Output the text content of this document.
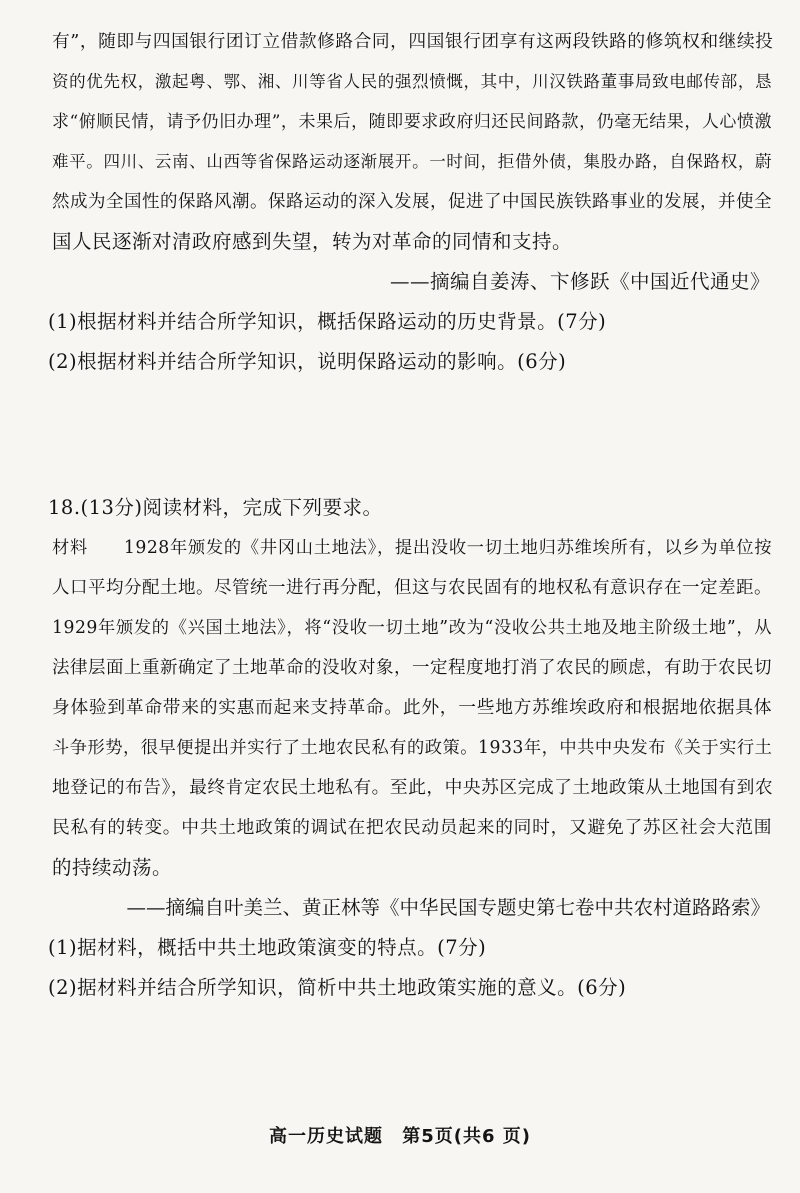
有”，随即与四国银行团订立借款修路合同，四国银行团享有这两段铁路的修筑权和继续投
资的优先权，激起粤、鄂、湘、川等省人民的强烈愤慨，其中，川汉铁路董事局致电邮传部，恳
求“俯顺民情，请予仍旧办理”，未果后，随即要求政府归还民间路款，仍毫无结果，人心愤激
难平。四川、云南、山西等省保路运动逐渐展开。一时间，拒借外债，集股办路，自保路权，蔚
然成为全国性的保路风潮。保路运动的深入发展，促进了中国民族铁路事业的发展，并使全
国人民逐渐对清政府感到失望，转为对革命的同情和支持。
——摘编自姜涛、卞修跃《中国近代通史》
(1)根据材料并结合所学知识，概括保路运动的历史背景。(7分)
(2)根据材料并结合所学知识，说明保路运动的影响。(6分)
18.(13分)阅读材料，完成下列要求。
材料　　1928年颁发的《井冈山土地法》，提出没收一切土地归苏维埃所有，以乡为单位按
人口平均分配土地。尽管统一进行再分配，但这与农民固有的地权私有意识存在一定差距。
1929年颁发的《兴国土地法》，将“没收一切土地”改为“没收公共土地及地主阶级土地”，从
法律层面上重新确定了土地革命的没收对象，一定程度地打消了农民的顾虑，有助于农民切
身体验到革命带来的实惠而起来支持革命。此外，一些地方苏维埃政府和根据地依据具体
斗争形势，很早便提出并实行了土地农民私有的政策。1933年，中共中央发布《关于实行土
地登记的布告》，最终肯定农民土地私有。至此，中央苏区完成了土地政策从土地国有到农
民私有的转变。中共土地政策的调试在把农民动员起来的同时，又避免了苏区社会大范围
的持续动荡。
——摘编自叶美兰、黄正林等《中华民国专题史第七卷中共农村道路路索》
(1)据材料，概括中共土地政策演变的特点。(7分)
(2)据材料并结合所学知识，简析中共土地政策实施的意义。(6分)
高一历史试题 第5页(共6 页)
